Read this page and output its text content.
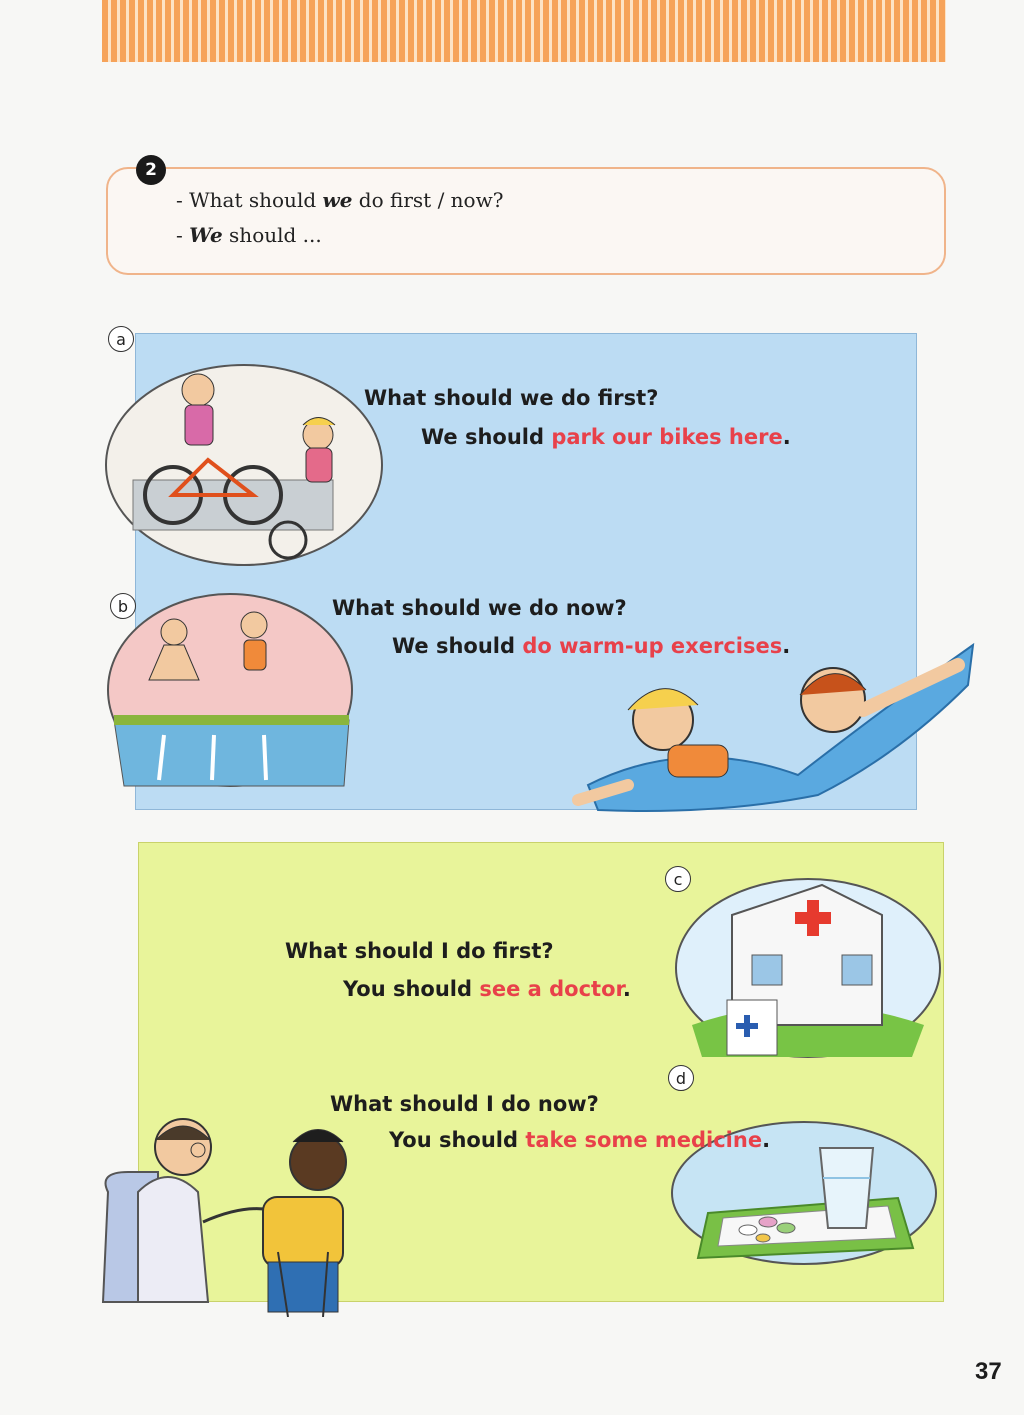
2
- What should we do first / now?
- We should ...
a
What should we do first?
We should park our bikes here.
b	What should we do now?
We should do warm-up exercises.
c
What should I do first?
You should see a doctor.
d
What should I do now?
You should take some medicine.
37
